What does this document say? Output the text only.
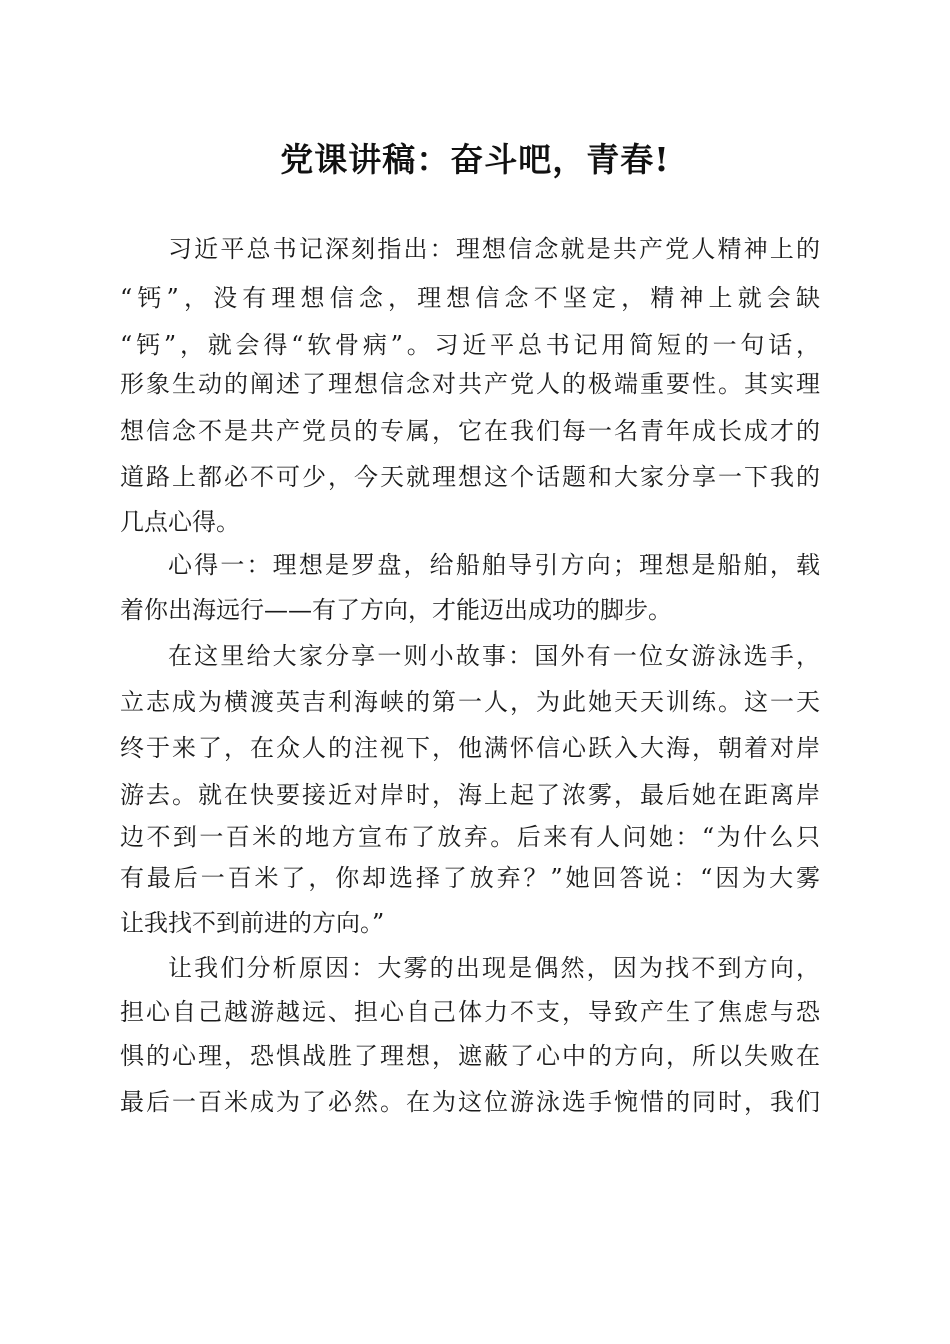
党课讲稿：奋斗吧，青春!
习近平总书记深刻指出：理想信念就是共产党人精神上的
“钙”，没有理想信念，理想信念不坚定，精神上就会缺
“钙”，就会得“软骨病”。习近平总书记用简短的一句话，
形象生动的阐述了理想信念对共产党人的极端重要性。其实理
想信念不是共产党员的专属，它在我们每一名青年成长成才的
道路上都必不可少，今天就理想这个话题和大家分享一下我的
几点心得。
心得一：理想是罗盘，给船舶导引方向；理想是船舶，载
着你出海远行——有了方向，才能迈出成功的脚步。
在这里给大家分享一则小故事：国外有一位女游泳选手，
立志成为横渡英吉利海峡的第一人，为此她天天训练。这一天
终于来了，在众人的注视下，他满怀信心跃入大海，朝着对岸
游去。就在快要接近对岸时，海上起了浓雾，最后她在距离岸
边不到一百米的地方宣布了放弃。后来有人问她：“为什么只
有最后一百米了，你却选择了放弃？”她回答说：“因为大雾
让我找不到前进的方向。”
让我们分析原因：大雾的出现是偶然，因为找不到方向，
担心自己越游越远、担心自己体力不支，导致产生了焦虑与恐
惧的心理，恐惧战胜了理想，遮蔽了心中的方向，所以失败在
最后一百米成为了必然。在为这位游泳选手惋惜的同时，我们
